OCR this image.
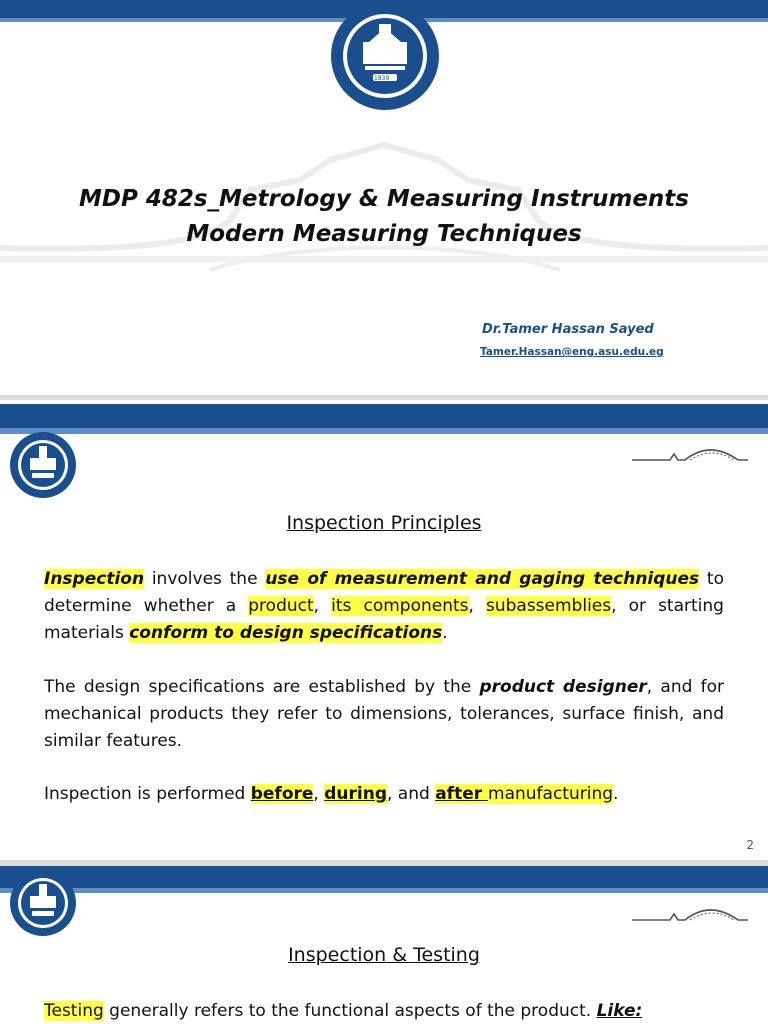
1839
MDP 482s_Metrology & Measuring Instruments
Modern Measuring Techniques
Dr.Tamer Hassan Sayed
Tamer.Hassan@eng.asu.edu.eg
Inspection Principles
Inspection involves the use of measurement and gaging techniques to determine whether a product, its components, subassemblies, or starting materials conform to design specifications.
The design specifications are established by the product designer, and for mechanical products they refer to dimensions, tolerances, surface finish, and similar features.
Inspection is performed before, during, and after manufacturing.
2
Inspection & Testing
Testing generally refers to the functional aspects of the product. Like:
